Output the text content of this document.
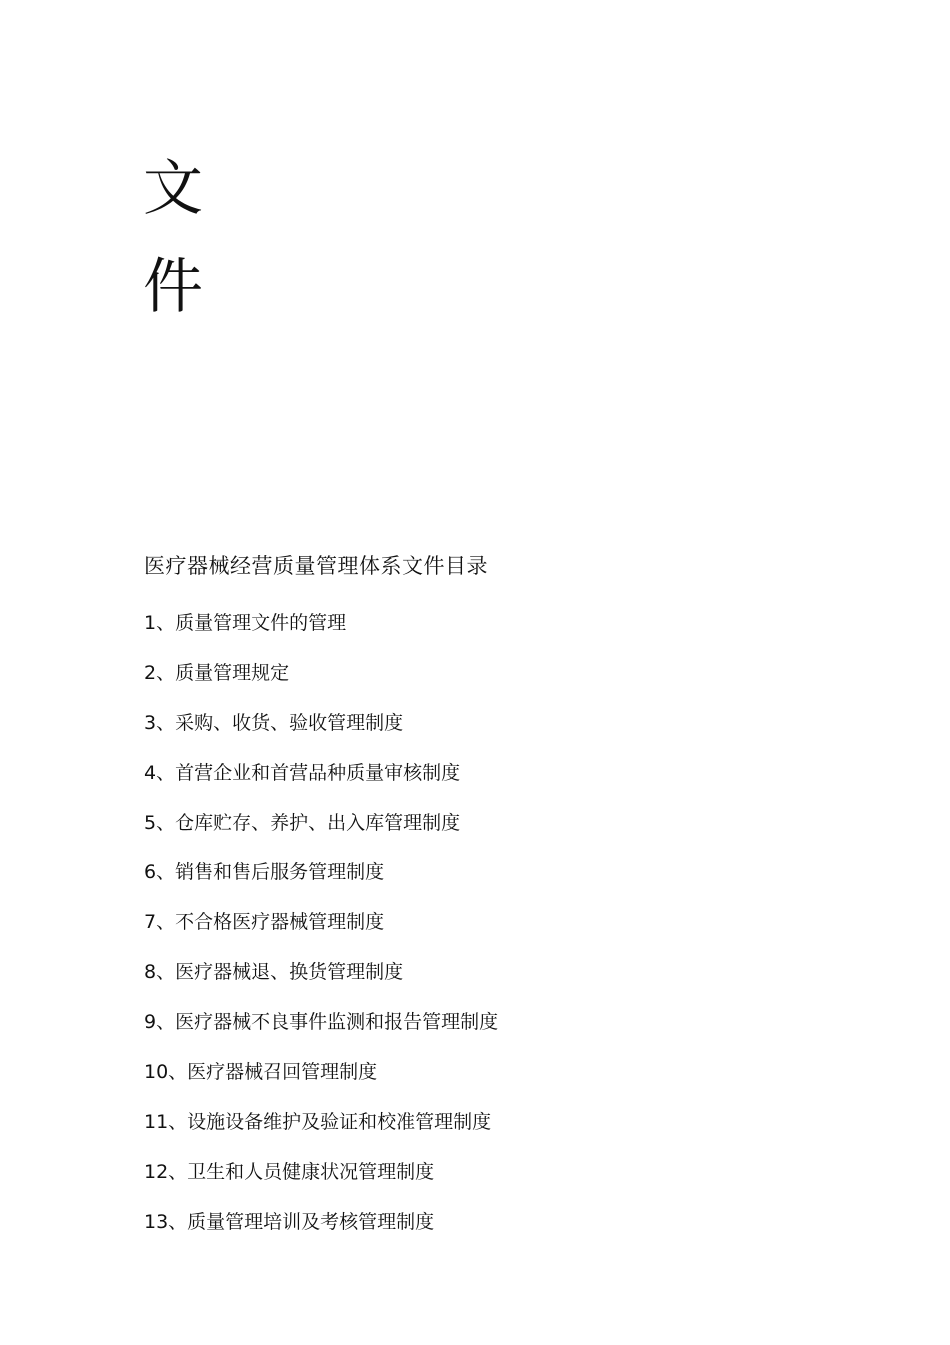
文
件
医疗器械经营质量管理体系文件目录
1、质量管理文件的管理
2、质量管理规定
3、采购、收货、验收管理制度
4、首营企业和首营品种质量审核制度
5、仓库贮存、养护、出入库管理制度
6、销售和售后服务管理制度
7、不合格医疗器械管理制度
8、医疗器械退、换货管理制度
9、医疗器械不良事件监测和报告管理制度
10、医疗器械召回管理制度
11、设施设备维护及验证和校准管理制度
12、卫生和人员健康状况管理制度
13、质量管理培训及考核管理制度
